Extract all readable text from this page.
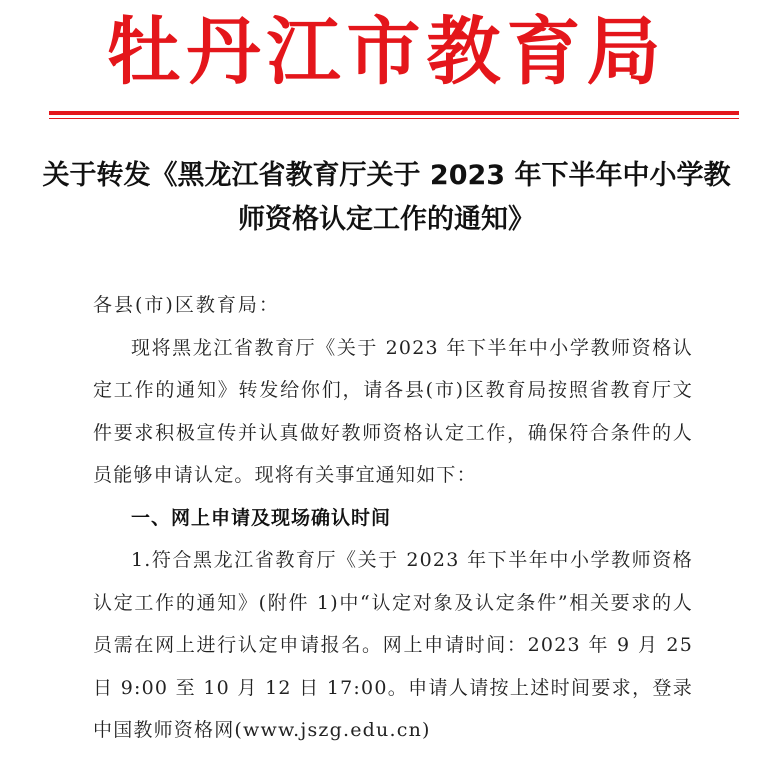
牡丹江市教育局
关于转发《黑龙江省教育厅关于 2023 年下半年中小学教师资格认定工作的通知》

各县(市)区教育局：

现将黑龙江省教育厅《关于 2023 年下半年中小学教师资格认定工作的通知》转发给你们，请各县(市)区教育局按照省教育厅文件要求积极宣传并认真做好教师资格认定工作，确保符合条件的人员能够申请认定。现将有关事宜通知如下：

一、网上申请及现场确认时间

1.符合黑龙江省教育厅《关于 2023 年下半年中小学教师资格认定工作的通知》(附件 1)中“认定对象及认定条件”相关要求的人员需在网上进行认定申请报名。网上申请时间：2023 年 9 月 25 日 9:00 至 10 月 12 日 17:00。申请人请按上述时间要求，登录中国教师资格网(www.jszg.edu.cn)
